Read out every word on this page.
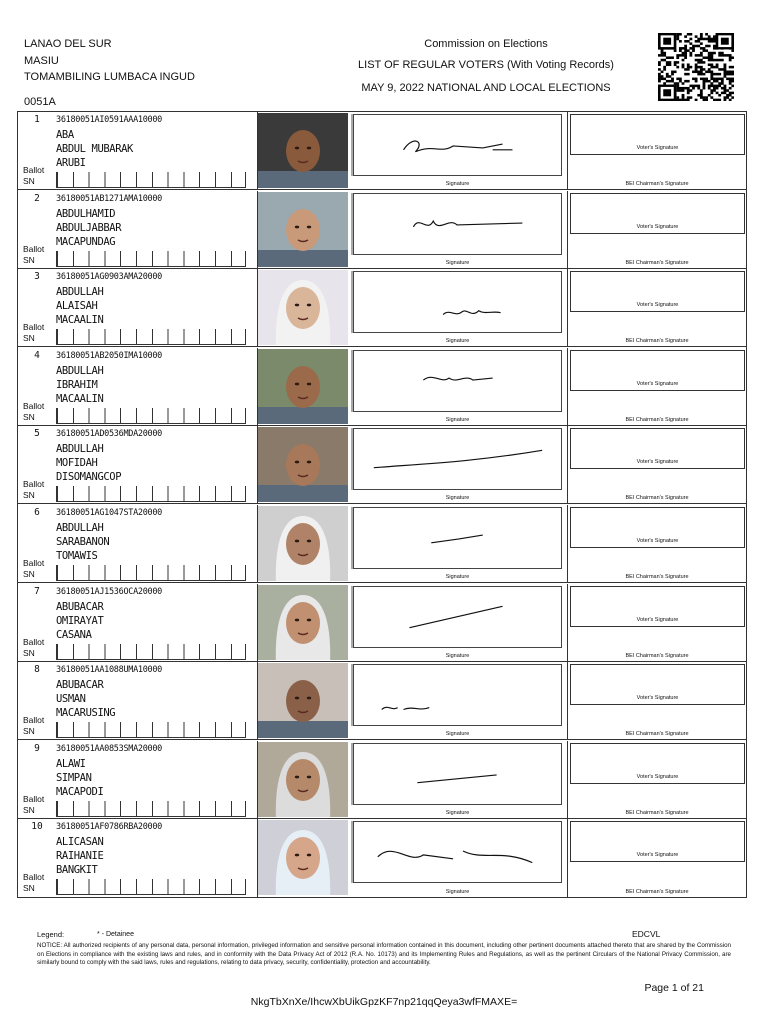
LANAO DEL SUR
MASIU
TOMAMBILING LUMBACA INGUD
0051A
Commission on Elections
LIST OF REGULAR VOTERS (With Voting Records)
MAY 9, 2022 NATIONAL AND LOCAL ELECTIONS
1	36180051AI0591AAA10000
ABA
ABDUL MUBARAK
ARUBI
Ballot
SN	Signature
Voter's Signature
BEI Chairman's Signature
2	36180051AB1271AMA10000
ABDULHAMID
ABDULJABBAR
MACAPUNDAG
Ballot
SN	Signature
Voter's Signature
BEI Chairman's Signature
3	36180051AG0903AMA20000
ABDULLAH
ALAISAH
MACAALIN
Ballot
SN	Signature
Voter's Signature
BEI Chairman's Signature
4	36180051AB2050IMA10000
ABDULLAH
IBRAHIM
MACAALIN
Ballot
SN	Signature
Voter's Signature
BEI Chairman's Signature
5	36180051AD0536MDA20000
ABDULLAH
MOFIDAH
DISOMANGCOP
Ballot
SN	Signature
Voter's Signature
BEI Chairman's Signature
6	36180051AG1047STA20000
ABDULLAH
SARABANON
TOMAWIS
Ballot
SN	Signature
Voter's Signature
BEI Chairman's Signature
7	36180051AJ1536OCA20000
ABUBACAR
OMIRAYAT
CASANA
Ballot
SN	Signature
Voter's Signature
BEI Chairman's Signature
8	36180051AA1088UMA10000
ABUBACAR
USMAN
MACARUSING
Ballot
SN	Signature
Voter's Signature
BEI Chairman's Signature
9	36180051AA0853SMA20000
ALAWI
SIMPAN
MACAPODI
Ballot
SN	Signature
Voter's Signature
BEI Chairman's Signature
10	36180051AF0786RBA20000
ALICASAN
RAIHANIE
BANGKIT
Ballot
SN	Signature
Voter's Signature
BEI Chairman's Signature
Legend:	* - Detainee	EDCVL
NOTICE: All authorized recipients of any personal data, personal information, privileged information and sensitive personal information contained in this document, including other pertinent documents attached thereto that are shared by the Commission on Elections in compliance with the existing laws and rules, and in conformity with the Data Privacy Act of 2012 (R.A. No. 10173) and its Implementing Rules and Regulations, as well as the pertinent Circulars of the National Privacy Commission, are similarly bound to comply with the said laws, rules and regulations, relating to data privacy, security, confidentiality, protection and accountability.
Page 1 of 21
NkgTbXnXe/IhcwXbUikGpzKF7np21qqQeya3wfFMAXE=
